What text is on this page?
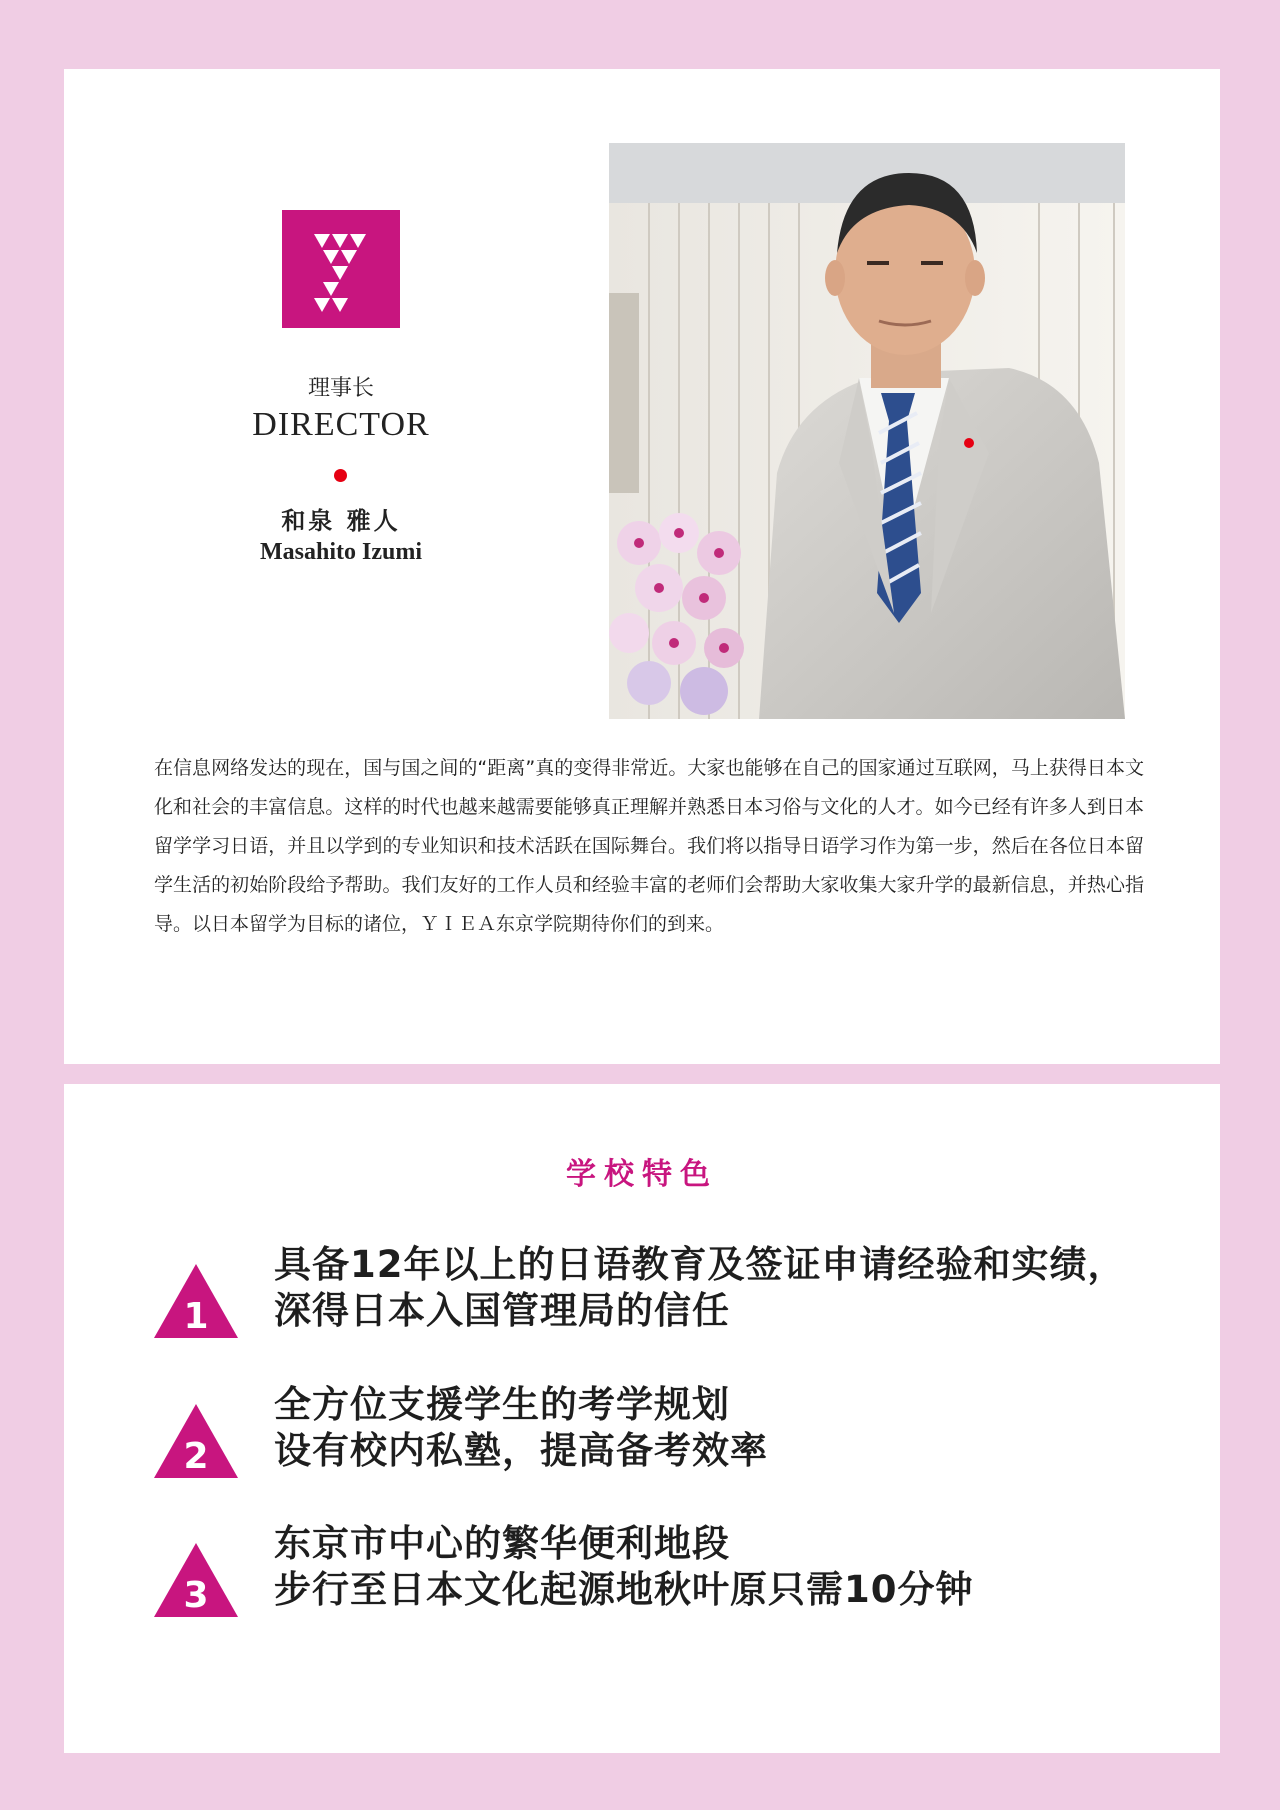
理事长
DIRECTOR
和泉 雅人
Masahito Izumi

在信息网络发达的现在，国与国之间的“距离”真的变得非常近。大家也能够在自己的国家通过互联网，马上获得日本文化和社会的丰富信息。这样的时代也越来越需要能够真正理解并熟悉日本习俗与文化的人才。如今已经有许多人到日本留学学习日语，并且以学到的专业知识和技术活跃在国际舞台。我们将以指导日语学习作为第一步，然后在各位日本留学生活的初始阶段给予帮助。我们友好的工作人员和经验丰富的老师们会帮助大家收集大家升学的最新信息，并热心指导。以日本留学为目标的诸位，ＹＩＥＡ东京学院期待你们的到来。

学校特色
1
具备12年以上的日语教育及签证申请经验和实绩，
深得日本入国管理局的信任
2
全方位支援学生的考学规划
设有校内私塾，提高备考效率
3
东京市中心的繁华便利地段
步行至日本文化起源地秋叶原只需10分钟
